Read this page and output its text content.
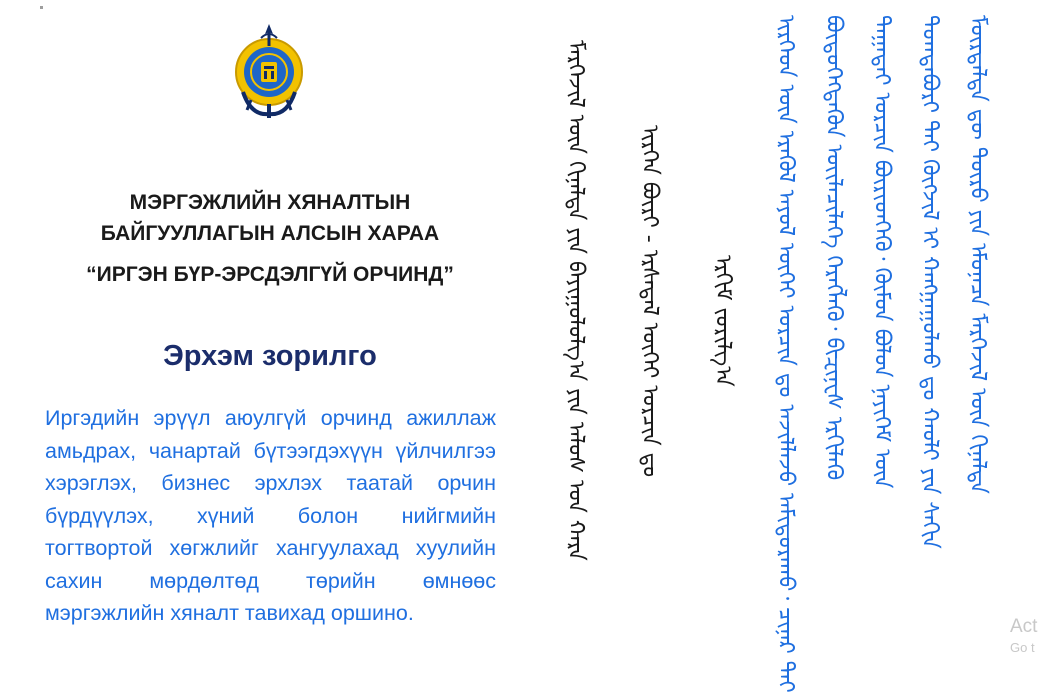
МЭРГЭЖЛИЙН ХЯНАЛТЫН
БАЙГУУЛЛАГЫН АЛСЫН ХАРАА
“ИРГЭН БҮР-ЭРСДЭЛГҮЙ ОРЧИНД”
Эрхэм зорилго
Иргэдийн эрүүл аюулгүй орчинд ажиллаж амьдрах, чанартай бүтээгдэхүүн үйлчилгээ хэрэглэх, бизнес эрхлэх таатай орчин бүрдүүлэх, хүний болон нийгмийн тогтвортой хөгжлийг хангуулахад хуулийн сахин мөрдөлтөд төрийн өмнөөс мэргэжлийн хяналт тавихад оршино.
ᠮᠡᠷᠭᠡᠵᠢᠯ ᠦᠨ ᠬᠢᠨᠠᠯᠲᠠ ᠶᠢᠨ ᠪᠠᠶᠢᠭᠤᠯᠤᠯᠭ᠎ᠠ ᠶᠢᠨ ᠠᠯᠤᠰ ᠤᠨ ᠬᠠᠷᠠ	ᠢᠷᠭᠡᠨ ᠪᠦᠷᠢ - ᠡᠷᠰᠡᠳᠡᠯ ᠦᠭᠡᠢ ᠣᠷᠴᠢᠨ ᠳᠤ	ᠡᠷᠬᠢᠮ ᠵᠣᠷᠢᠯᠭ᠎ᠠ	ᠢᠷᠭᠡᠳ ᠦᠨ ᠡᠷᠡᠭᠦᠯ ᠠᠶᠤᠯ ᠦᠭᠡᠢ ᠣᠷᠴᠢᠨ ᠳᠤ ᠠᠵᠢᠯᠯᠠᠵᠤ ᠠᠮᠢᠳᠤᠷᠠᠬᠤ᠂ ᠴᠢᠨᠠᠷ ᠲᠠᠢ	ᠪᠦᠲᠦᠭᠡᠭᠳᠡᠬᠦᠨ ᠦᠢᠯᠡᠴᠢᠯᠡᠭᠡ ᠬᠡᠷᠡᠭᠯᠡᠬᠦ᠂ ᠪᠢᠽᠢᠨᠧᠰ ᠡᠷᠬᠢᠯᠡᠬᠦ	ᠲᠠᠭᠠᠲᠠᠢ ᠣᠷᠴᠢᠨ ᠪᠦᠷᠢᠳᠬᠡᠬᠦ᠂ ᠬᠦᠮᠦᠨ ᠪᠣᠯᠣᠨ ᠨᠡᠶᠢᠭᠡᠮ ᠦᠨ	ᠲᠣᠭᠲᠠᠪᠤᠷᠢ ᠲᠠᠢ ᠬᠥᠭᠵᠢᠯ ᠢ ᠬᠠᠩᠭᠠᠭᠤᠯᠬᠤ ᠳᠤ ᠬᠠᠤᠯᠢ ᠶᠢᠨ ᠰᠠᠬᠢᠨ	ᠮᠦᠷᠳᠡᠯᠳᠡ ᠳᠦ ᠲᠥᠷᠥ ᠶᠢᠨ ᠡᠮᠦᠨᠡᠴᠡ ᠮᠡᠷᠭᠡᠵᠢᠯ ᠦᠨ ᠬᠢᠨᠠᠯᠲᠠ
Act
Go t
